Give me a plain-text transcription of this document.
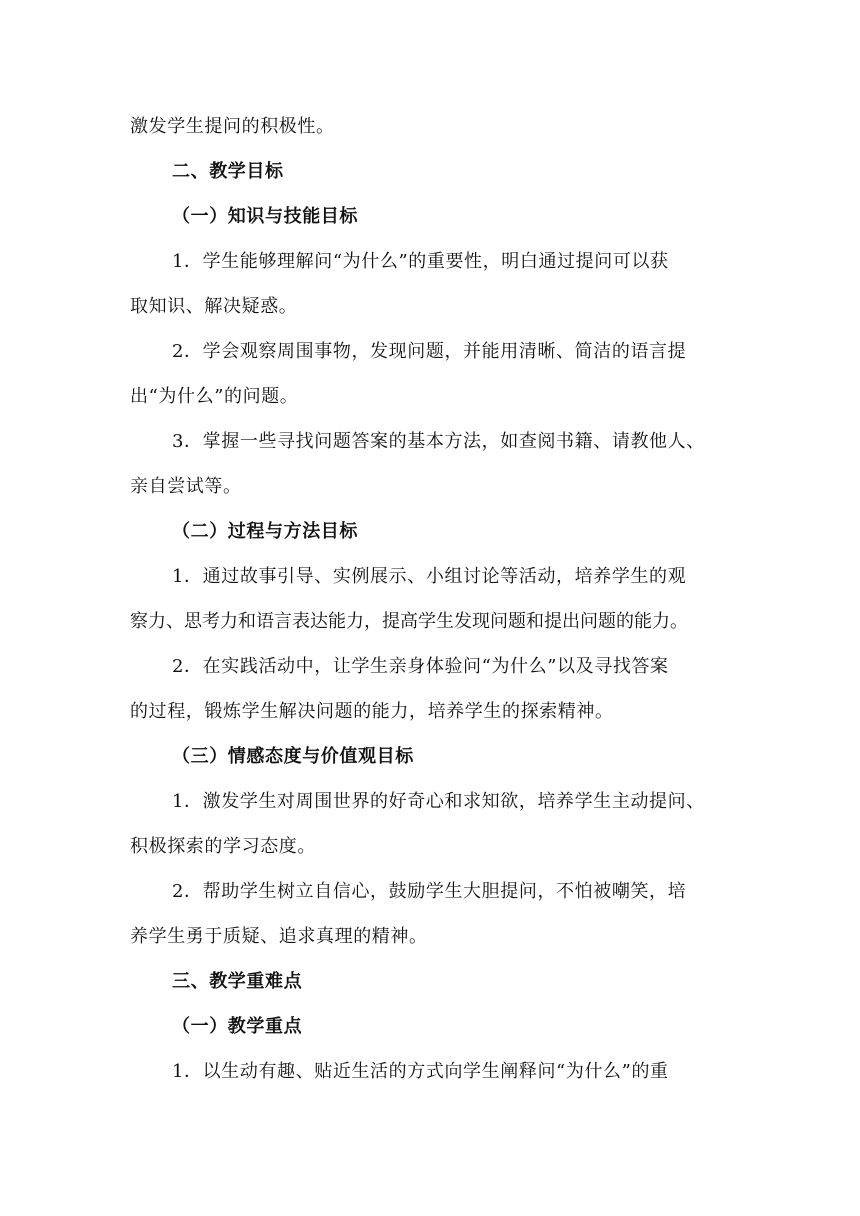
激发学生提问的积极性。
二、教学目标
（一）知识与技能目标
1．学生能够理解问“为什么”的重要性，明白通过提问可以获
取知识、解决疑惑。
2．学会观察周围事物，发现问题，并能用清晰、简洁的语言提
出“为什么”的问题。
3．掌握一些寻找问题答案的基本方法，如查阅书籍、请教他人、
亲自尝试等。
（二）过程与方法目标
1．通过故事引导、实例展示、小组讨论等活动，培养学生的观
察力、思考力和语言表达能力，提高学生发现问题和提出问题的能力。
2．在实践活动中，让学生亲身体验问“为什么”以及寻找答案
的过程，锻炼学生解决问题的能力，培养学生的探索精神。
（三）情感态度与价值观目标
1．激发学生对周围世界的好奇心和求知欲，培养学生主动提问、
积极探索的学习态度。
2．帮助学生树立自信心，鼓励学生大胆提问，不怕被嘲笑，培
养学生勇于质疑、追求真理的精神。
三、教学重难点
（一）教学重点
1．以生动有趣、贴近生活的方式向学生阐释问“为什么”的重
